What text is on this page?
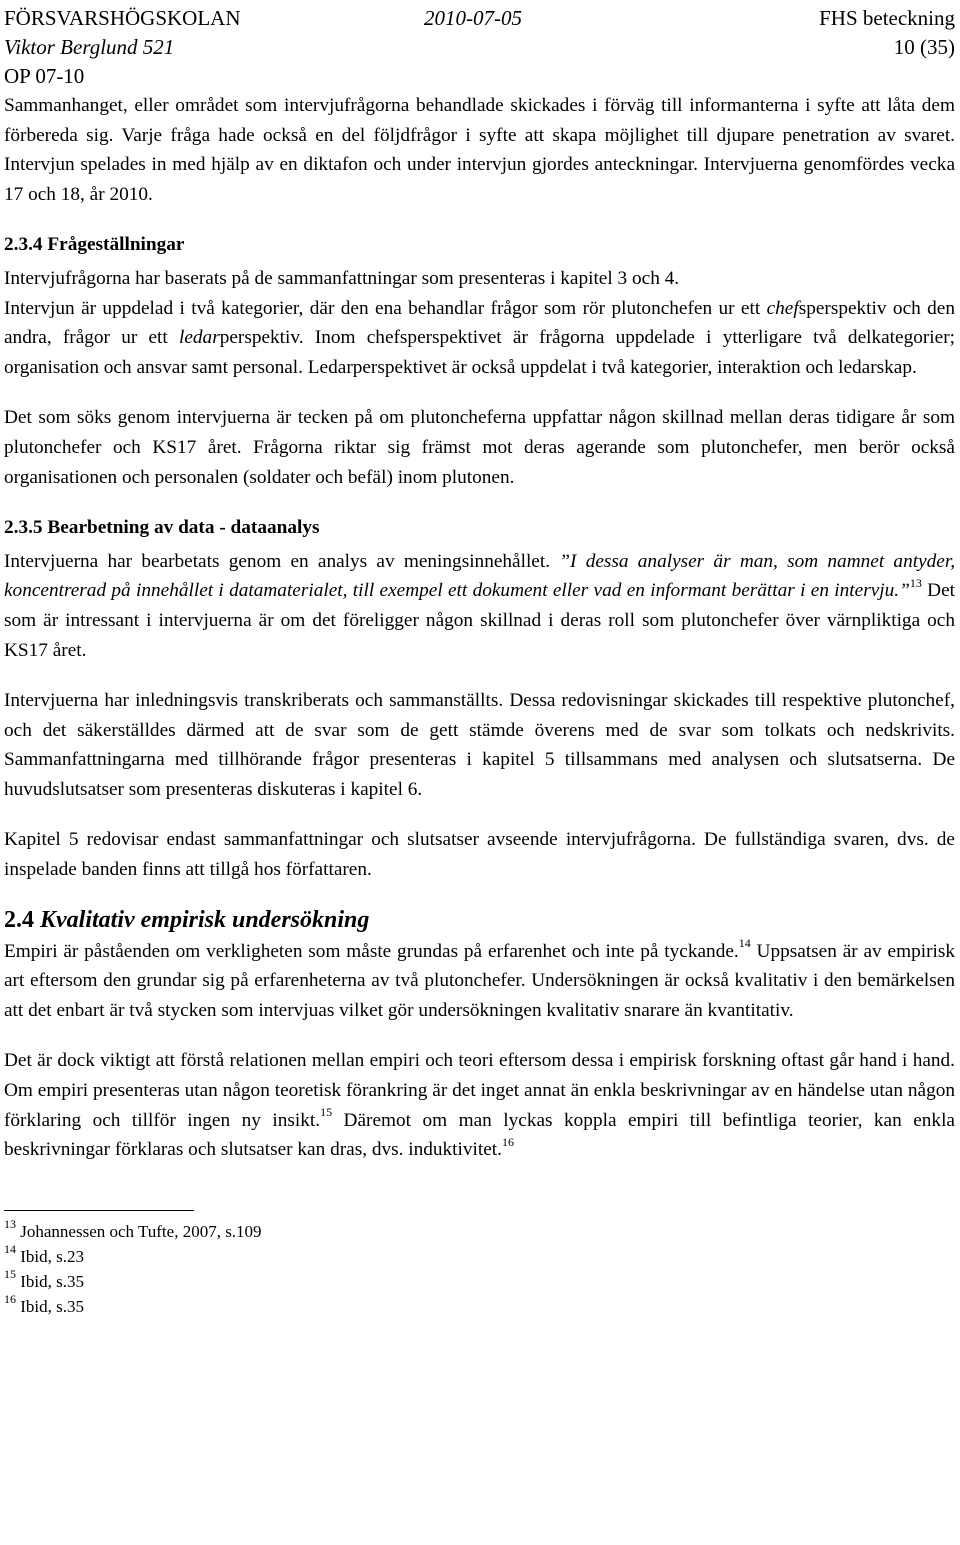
FÖRSVARSHÖGSKOLAN	2010-07-05	FHS beteckning
Viktor Berglund 521	10 (35)
OP 07-10

Sammanhanget, eller området som intervjufrågorna behandlade skickades i förväg till informanterna i syfte att låta dem förbereda sig. Varje fråga hade också en del följdfrågor i syfte att skapa möjlighet till djupare penetration av svaret. Intervjun spelades in med hjälp av en diktafon och under intervjun gjordes anteckningar. Intervjuerna genomfördes vecka 17 och 18, år 2010.

2.3.4 Frågeställningar

Intervjufrågorna har baserats på de sammanfattningar som presenteras i kapitel 3 och 4.

Intervjun är uppdelad i två kategorier, där den ena behandlar frågor som rör plutonchefen ur ett chefsperspektiv och den andra, frågor ur ett ledarperspektiv. Inom chefsperspektivet är frågorna uppdelade i ytterligare två delkategorier; organisation och ansvar samt personal. Ledarperspektivet är också uppdelat i två kategorier, interaktion och ledarskap.

Det som söks genom intervjuerna är tecken på om plutoncheferna uppfattar någon skillnad mellan deras tidigare år som plutonchefer och KS17 året. Frågorna riktar sig främst mot deras agerande som plutonchefer, men berör också organisationen och personalen (soldater och befäl) inom plutonen.

2.3.5 Bearbetning av data - dataanalys

Intervjuerna har bearbetats genom en analys av meningsinnehållet. ”I dessa analyser är man, som namnet antyder, koncentrerad på innehållet i datamaterialet, till exempel ett dokument eller vad en informant berättar i en intervju.”$^{13}$ Det som är intressant i intervjuerna är om det föreligger någon skillnad i deras roll som plutonchefer över värnpliktiga och KS17 året.

Intervjuerna har inledningsvis transkriberats och sammanställts. Dessa redovisningar skickades till respektive plutonchef, och det säkerställdes därmed att de svar som de gett stämde överens med de svar som tolkats och nedskrivits. Sammanfattningarna med tillhörande frågor presenteras i kapitel 5 tillsammans med analysen och slutsatserna. De huvudslutsatser som presenteras diskuteras i kapitel 6.

Kapitel 5 redovisar endast sammanfattningar och slutsatser avseende intervjufrågorna. De fullständiga svaren, dvs. de inspelade banden finns att tillgå hos författaren.

2.4 Kvalitativ empirisk undersökning

Empiri är påståenden om verkligheten som måste grundas på erfarenhet och inte på tyckande.$^{14}$ Uppsatsen är av empirisk art eftersom den grundar sig på erfarenheterna av två plutonchefer. Undersökningen är också kvalitativ i den bemärkelsen att det enbart är två stycken som intervjuas vilket gör undersökningen kvalitativ snarare än kvantitativ.

Det är dock viktigt att förstå relationen mellan empiri och teori eftersom dessa i empirisk forskning oftast går hand i hand. Om empiri presenteras utan någon teoretisk förankring är det inget annat än enkla beskrivningar av en händelse utan någon förklaring och tillför ingen ny insikt.$^{15}$ Däremot om man lyckas koppla empiri till befintliga teorier, kan enkla beskrivningar förklaras och slutsatser kan dras, dvs. induktivitet.$^{16}$

$^{13}$ Johannessen och Tufte, 2007, s.109
$^{14}$ Ibid, s.23
$^{15}$ Ibid, s.35
$^{16}$ Ibid, s.35
